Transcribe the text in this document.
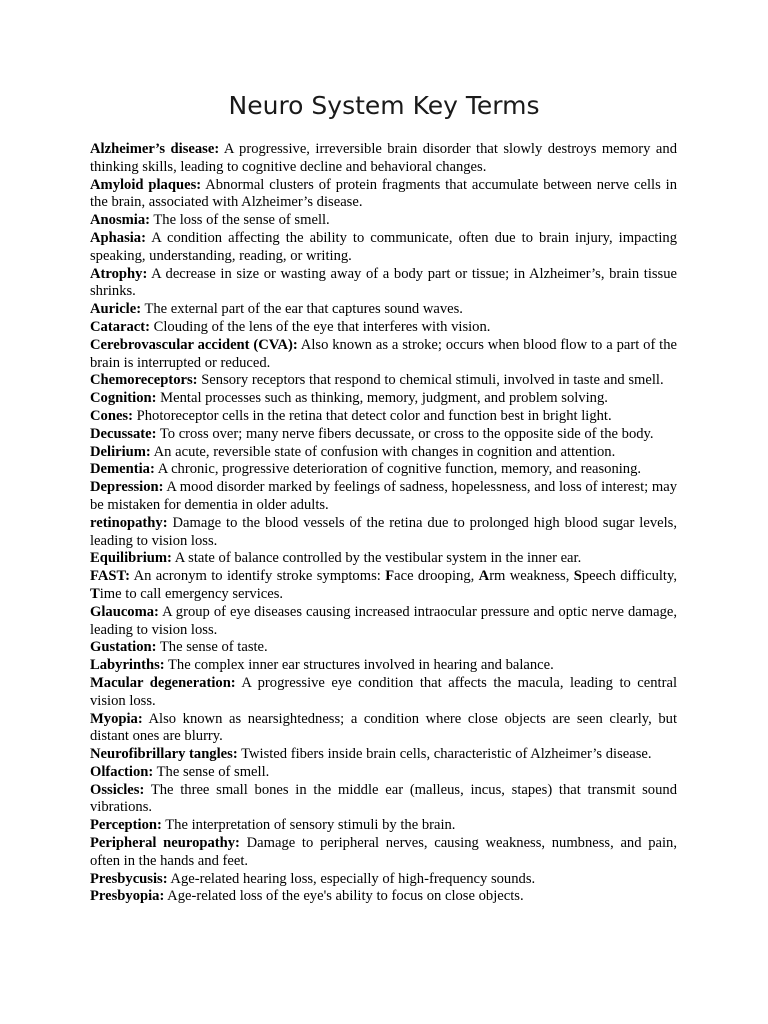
Neuro System Key Terms

Alzheimer’s disease: A progressive, irreversible brain disorder that slowly destroys memory and thinking skills, leading to cognitive decline and behavioral changes.

Amyloid plaques: Abnormal clusters of protein fragments that accumulate between nerve cells in the brain, associated with Alzheimer’s disease.

Anosmia: The loss of the sense of smell.

Aphasia: A condition affecting the ability to communicate, often due to brain injury, impacting speaking, understanding, reading, or writing.

Atrophy: A decrease in size or wasting away of a body part or tissue; in Alzheimer’s, brain tissue shrinks.

Auricle: The external part of the ear that captures sound waves.

Cataract: Clouding of the lens of the eye that interferes with vision.

Cerebrovascular accident (CVA): Also known as a stroke; occurs when blood flow to a part of the brain is interrupted or reduced.

Chemoreceptors: Sensory receptors that respond to chemical stimuli, involved in taste and smell.

Cognition: Mental processes such as thinking, memory, judgment, and problem solving.

Cones: Photoreceptor cells in the retina that detect color and function best in bright light.

Decussate: To cross over; many nerve fibers decussate, or cross to the opposite side of the body.

Delirium: An acute, reversible state of confusion with changes in cognition and attention.

Dementia: A chronic, progressive deterioration of cognitive function, memory, and reasoning.

Depression: A mood disorder marked by feelings of sadness, hopelessness, and loss of interest; may be mistaken for dementia in older adults.

retinopathy: Damage to the blood vessels of the retina due to prolonged high blood sugar levels, leading to vision loss.

Equilibrium: A state of balance controlled by the vestibular system in the inner ear.

FAST: An acronym to identify stroke symptoms: Face drooping, Arm weakness, Speech difficulty, Time to call emergency services.

Glaucoma: A group of eye diseases causing increased intraocular pressure and optic nerve damage, leading to vision loss.

Gustation: The sense of taste.

Labyrinths: The complex inner ear structures involved in hearing and balance.

Macular degeneration: A progressive eye condition that affects the macula, leading to central vision loss.

Myopia: Also known as nearsightedness; a condition where close objects are seen clearly, but distant ones are blurry.

Neurofibrillary tangles: Twisted fibers inside brain cells, characteristic of Alzheimer’s disease.

Olfaction: The sense of smell.

Ossicles: The three small bones in the middle ear (malleus, incus, stapes) that transmit sound vibrations.

Perception: The interpretation of sensory stimuli by the brain.

Peripheral neuropathy: Damage to peripheral nerves, causing weakness, numbness, and pain, often in the hands and feet.

Presbycusis: Age-related hearing loss, especially of high-frequency sounds.

Presbyopia: Age-related loss of the eye's ability to focus on close objects.
